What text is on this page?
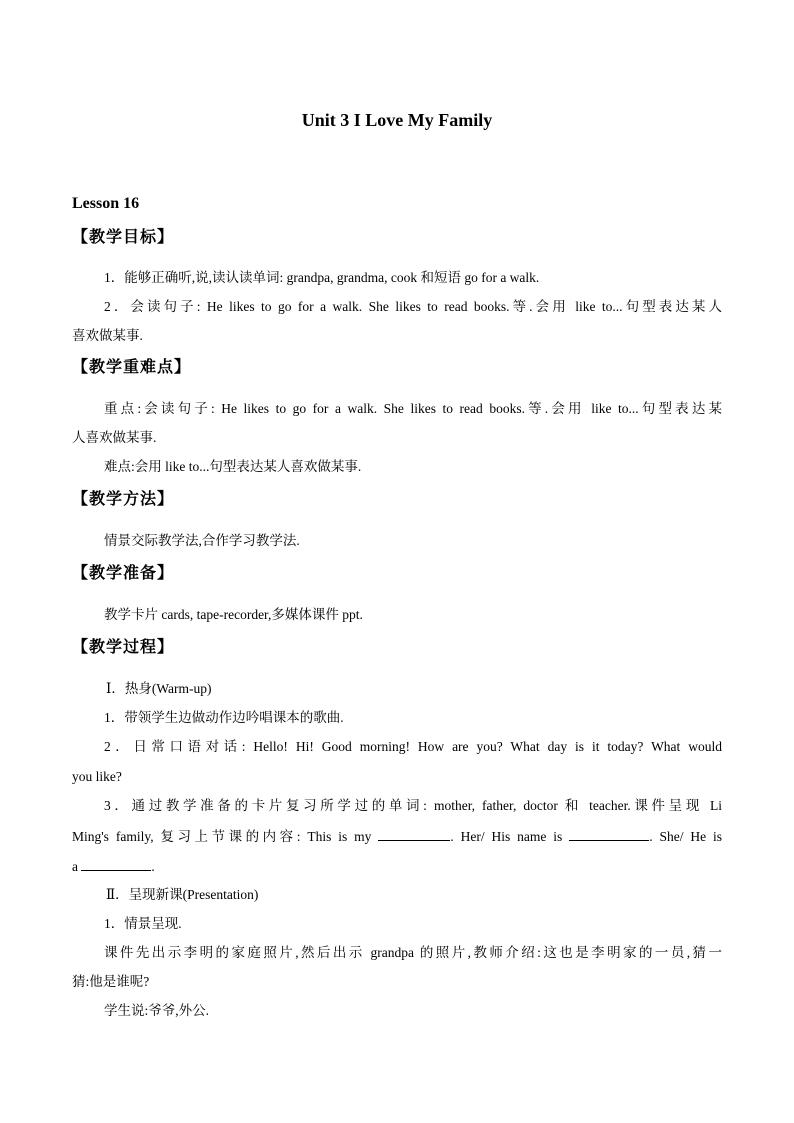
Unit 3 I Love My Family
Lesson 16
【教学目标】
1．能够正确听,说,读认读单词: grandpa, grandma, cook 和短语 go for a walk.
2．会读句子: He likes to go for a walk. She likes to read books.等.会用 like to...句型表达某人
喜欢做某事.
【教学重难点】
重点:会读句子: He likes to go for a walk. She likes to read books.等.会用 like to...句型表达某
人喜欢做某事.
难点:会用 like to...句型表达某人喜欢做某事.
【教学方法】
情景交际教学法,合作学习教学法.
【教学准备】
教学卡片 cards, tape-recorder,多媒体课件 ppt.
【教学过程】
Ⅰ．热身(Warm-up)
1．带领学生边做动作边吟唱课本的歌曲.
2．日常口语对话: Hello! Hi! Good morning! How are you? What day is it today? What would
you like?
3．通过教学准备的卡片复习所学过的单词: mother, father, doctor 和 teacher.课件呈现 Li
Ming's family, 复习上节课的内容: This is my	. Her/ His name is	. She/ He is
a	.
Ⅱ．呈现新课(Presentation)
1．情景呈现.
课件先出示李明的家庭照片,然后出示 grandpa 的照片,教师介绍:这也是李明家的一员,猜一
猜:他是谁呢?
学生说:爷爷,外公.
